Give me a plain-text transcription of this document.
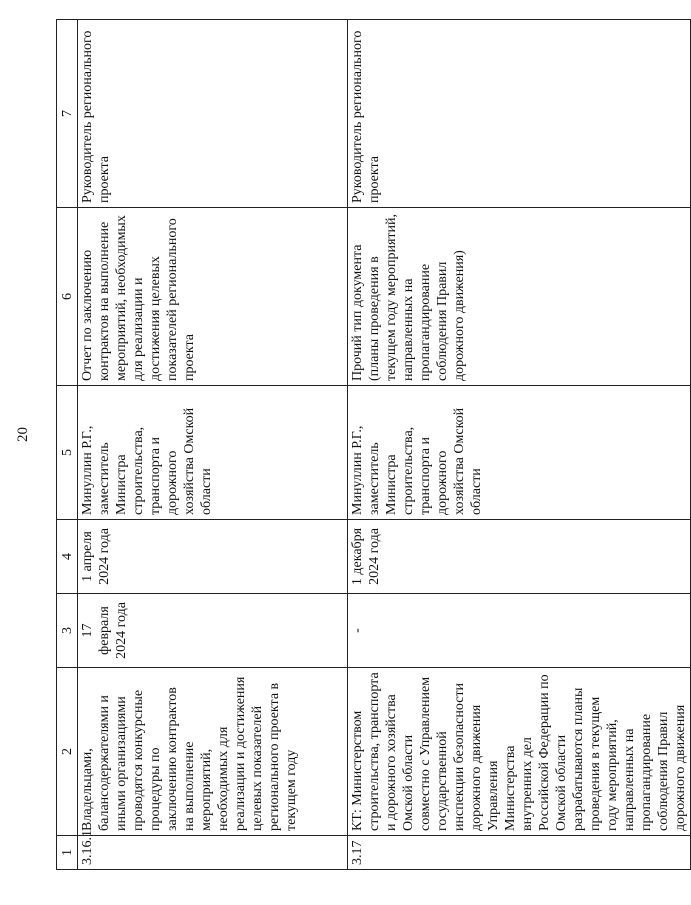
20
1	2	3	4	5	6	7
3.16.1	Владельцами, балансодержателями и иными организациями проводятся конкурсные процедуры по заключению контрактов на выполнение мероприятий, необходимых для реализации и достижения целевых показателей регионального проекта в текущем году	17 февраля 2024 года	1 апреля 2024 года	Минуллин Р.Г., заместитель Министра строительства, транспорта и дорожного хозяйства Омской области	Отчет по заключению контрактов на выполнение мероприятий, необходимых для реализации и достижения целевых показателей регионального проекта	Руководитель регионального проекта
3.17	КТ: Министерством строительства, транспорта и дорожного хозяйства Омской области совместно с Управлением государственной инспекции безопасности дорожного движения Управления Министерства внутренних дел Российской Федерации по Омской области разрабатываются планы проведения в текущем году мероприятий, направленных на пропагандирование соблюдения Правил дорожного движения	-	1 декабря 2024 года	Минуллин Р.Г., заместитель Министра строительства, транспорта и дорожного хозяйства Омской области	Прочий тип документа (планы проведения в текущем году мероприятий, направленных на пропагандирование соблюдения Правил дорожного движения)	Руководитель регионального проекта
